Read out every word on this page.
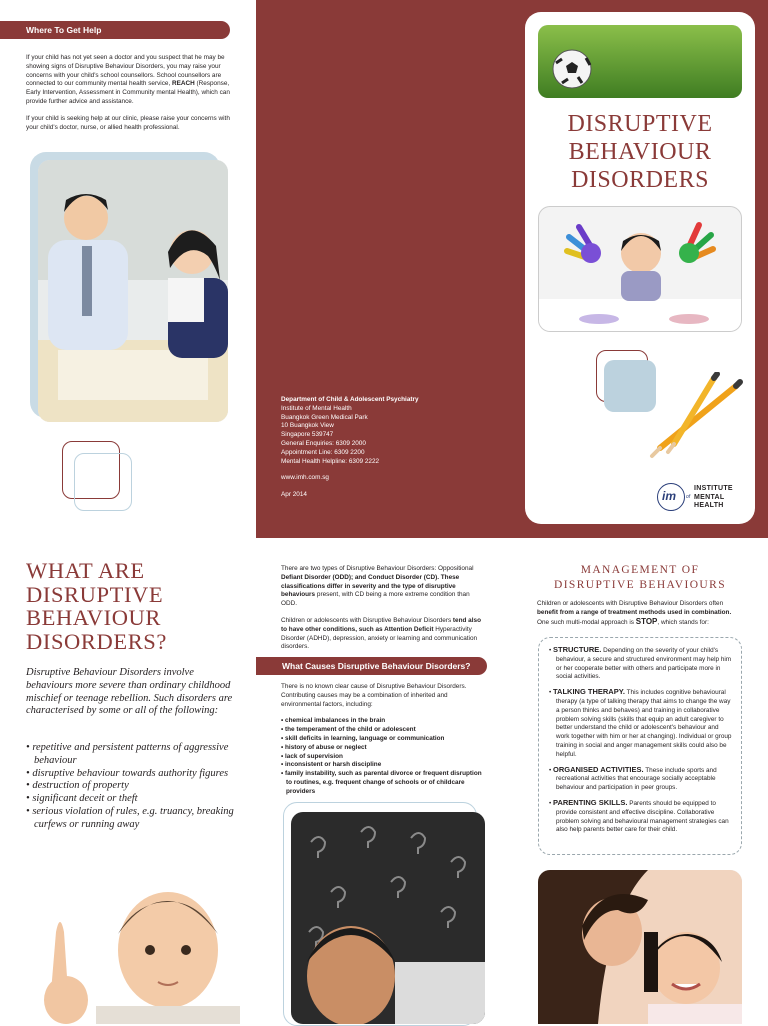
Where To Get Help

If your child has not yet seen a doctor and you suspect that he may be showing signs of Disruptive Behaviour Disorders, you may raise your concerns with your child's school counsellors. School counsellors are connected to our community mental health service, REACH (Response, Early Intervention, Assessment in Community mental Health), which can provide further advice and assistance.

If your child is seeking help at our clinic, please raise your concerns with your child's doctor, nurse, or allied health professional.

Department of Child & Adolescent Psychiatry
Institute of Mental Health
Buangkok Green Medical Park
10 Buangkok View
Singapore 539747
General Enquiries: 6309 2000
Appointment Line: 6309 2200
Mental Health Helpline: 6309 2222
www.imh.com.sg
Apr 2014
DISRUPTIVE
BEHAVIOUR
DISORDERS
im of
INSTITUTE
MENTAL
HEALTH
WHAT ARE
DISRUPTIVE
BEHAVIOUR
DISORDERS?
Disruptive Behaviour Disorders involve behaviours more severe than ordinary childhood mischief or teenage rebellion. Such disorders are characterised by some or all of the following:
• repetitive and persistent patterns of aggressive behaviour
• disruptive behaviour towards authority figures
• destruction of property
• significant deceit or theft
• serious violation of rules, e.g. truancy, breaking curfews or running away

There are two types of Disruptive Behaviour Disorders: Oppositional Defiant Disorder (ODD); and Conduct Disorder (CD). These classifications differ in severity and the type of disruptive behaviours present, with CD being a more extreme condition than ODD.

Children or adolescents with Disruptive Behaviour Disorders tend also to have other conditions, such as Attention Deficit Hyperactivity Disorder (ADHD), depression, anxiety or learning and communication disorders.

What Causes Disruptive Behaviour Disorders?

There is no known clear cause of Disruptive Behaviour Disorders. Contributing causes may be a combination of inherited and environmental factors, including:

• chemical imbalances in the brain
• the temperament of the child or adolescent
• skill deficits in learning, language or communication
• history of abuse or neglect
• lack of supervision
• inconsistent or harsh discipline
• family instability, such as parental divorce or frequent disruption to routines, e.g. frequent change of schools or of childcare providers
MANAGEMENT OF
DISRUPTIVE BEHAVIOURS
Children or adolescents with Disruptive Behaviour Disorders often benefit from a range of treatment methods used in combination. One such multi-modal approach is STOP, which stands for:
• STRUCTURE. Depending on the severity of your child's behaviour, a secure and structured environment may help him or her cooperate better with others and participate more in social activities.
• TALKING THERAPY. This includes cognitive behavioural therapy (a type of talking therapy that aims to change the way a person thinks and behaves) and training in collaborative problem solving skills (skills that equip an adult caregiver to better understand the child or adolescent's behaviour and work together with him or her at changing). Individual or group training in social and anger management skills could also be helpful.
• ORGANISED ACTIVITIES. These include sports and recreational activities that encourage socially acceptable behaviour and participation in peer groups.
• PARENTING SKILLS. Parents should be equipped to provide consistent and effective discipline. Collaborative problem solving and behavioural management strategies can also help parents better care for their child.
